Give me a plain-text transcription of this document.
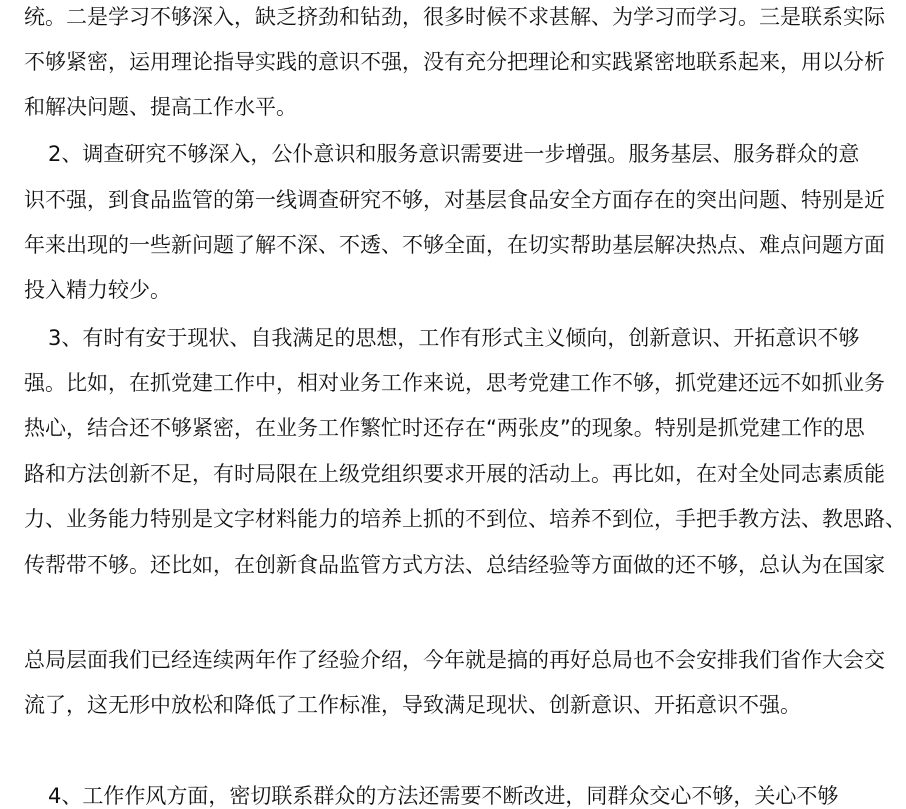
统。二是学习不够深入，缺乏挤劲和钻劲，很多时候不求甚解、为学习而学习。三是联系实际
不够紧密，运用理论指导实践的意识不强，没有充分把理论和实践紧密地联系起来，用以分析
和解决问题、提高工作水平。
2、调查研究不够深入，公仆意识和服务意识需要进一步增强。服务基层、服务群众的意
识不强，到食品监管的第一线调查研究不够，对基层食品安全方面存在的突出问题、特别是近
年来出现的一些新问题了解不深、不透、不够全面，在切实帮助基层解决热点、难点问题方面
投入精力较少。
3、有时有安于现状、自我满足的思想，工作有形式主义倾向，创新意识、开拓意识不够
强。比如，在抓党建工作中，相对业务工作来说，思考党建工作不够，抓党建还远不如抓业务
热心，结合还不够紧密，在业务工作繁忙时还存在“两张皮”的现象。特别是抓党建工作的思
路和方法创新不足，有时局限在上级党组织要求开展的活动上。再比如，在对全处同志素质能
力、业务能力特别是文字材料能力的培养上抓的不到位、培养不到位，手把手教方法、教思路、
传帮带不够。还比如，在创新食品监管方式方法、总结经验等方面做的还不够，总认为在国家
总局层面我们已经连续两年作了经验介绍，今年就是搞的再好总局也不会安排我们省作大会交
流了，这无形中放松和降低了工作标准，导致满足现状、创新意识、开拓意识不强。
4、工作作风方面，密切联系群众的方法还需要不断改进，同群众交心不够，关心不够
